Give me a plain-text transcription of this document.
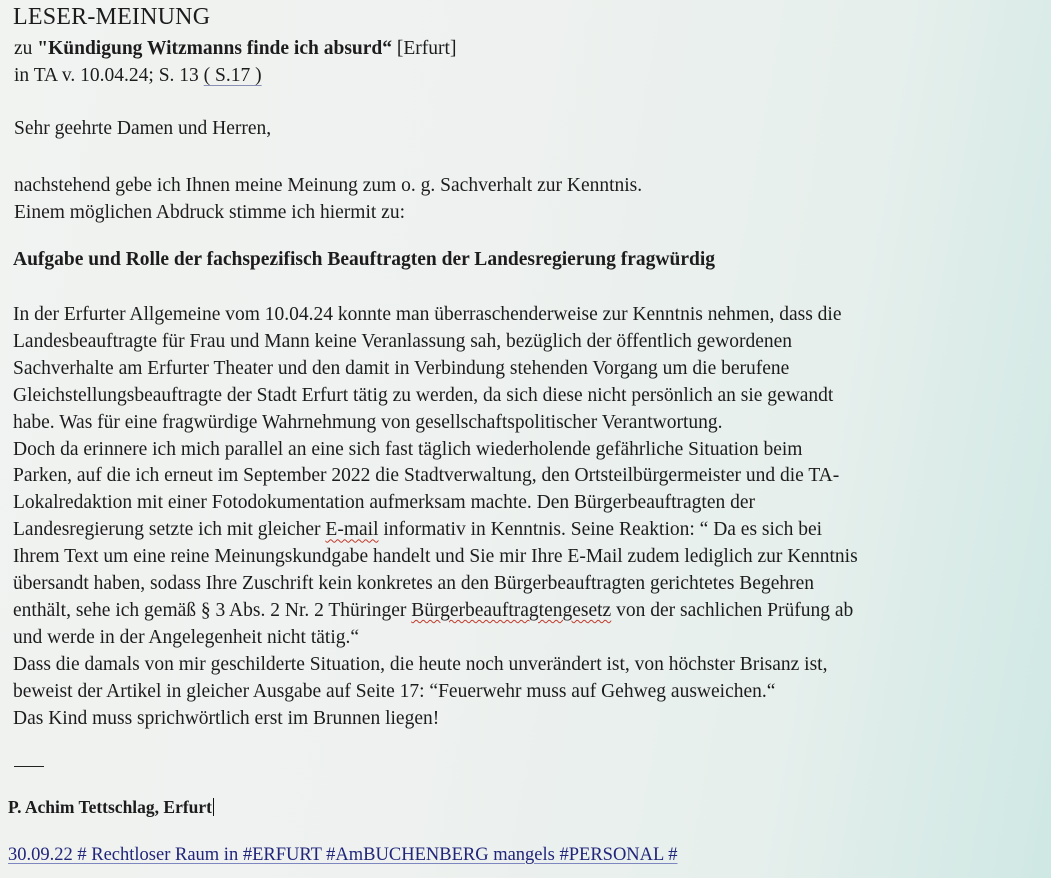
LESER-MEINUNG
zu "Kündigung Witzmanns finde ich absurd“ [Erfurt]
in TA v. 10.04.24; S. 13 ( S.17 )
Sehr geehrte Damen und Herren,
nachstehend gebe ich Ihnen meine Meinung zum o. g. Sachverhalt zur Kenntnis.
Einem möglichen Abdruck stimme ich hiermit zu:
Aufgabe und Rolle der fachspezifisch Beauftragten der Landesregierung fragwürdig
In der Erfurter Allgemeine vom 10.04.24 konnte man überraschenderweise zur Kenntnis nehmen, dass die
Landesbeauftragte für Frau und Mann keine Veranlassung sah, bezüglich der öffentlich gewordenen
Sachverhalte am Erfurter Theater und den damit in Verbindung stehenden Vorgang um die berufene
Gleichstellungsbeauftragte der Stadt Erfurt tätig zu werden, da sich diese nicht persönlich an sie gewandt
habe. Was für eine fragwürdige Wahrnehmung von gesellschaftspolitischer Verantwortung.
Doch da erinnere ich mich parallel an eine sich fast täglich wiederholende gefährliche Situation beim
Parken, auf die ich erneut im September 2022 die Stadtverwaltung, den Ortsteilbürgermeister und die TA-
Lokalredaktion mit einer Fotodokumentation aufmerksam machte. Den Bürgerbeauftragten der
Landesregierung setzte ich mit gleicher E-mail informativ in Kenntnis. Seine Reaktion: “ Da es sich bei
Ihrem Text um eine reine Meinungskundgabe handelt und Sie mir Ihre E-Mail zudem lediglich zur Kenntnis
übersandt haben, sodass Ihre Zuschrift kein konkretes an den Bürgerbeauftragten gerichtetes Begehren
enthält, sehe ich gemäß § 3 Abs. 2 Nr. 2 Thüringer Bürgerbeauftragtengesetz von der sachlichen Prüfung ab
und werde in der Angelegenheit nicht tätig.“
Dass die damals von mir geschilderte Situation, die heute noch unverändert ist, von höchster Brisanz ist,
beweist der Artikel in gleicher Ausgabe auf Seite 17: “Feuerwehr muss auf Gehweg ausweichen.“
Das Kind muss sprichwörtlich erst im Brunnen liegen!
P. Achim Tettschlag, Erfurt
30.09.22 # Rechtloser Raum in #ERFURT #AmBUCHENBERG mangels #PERSONAL #
